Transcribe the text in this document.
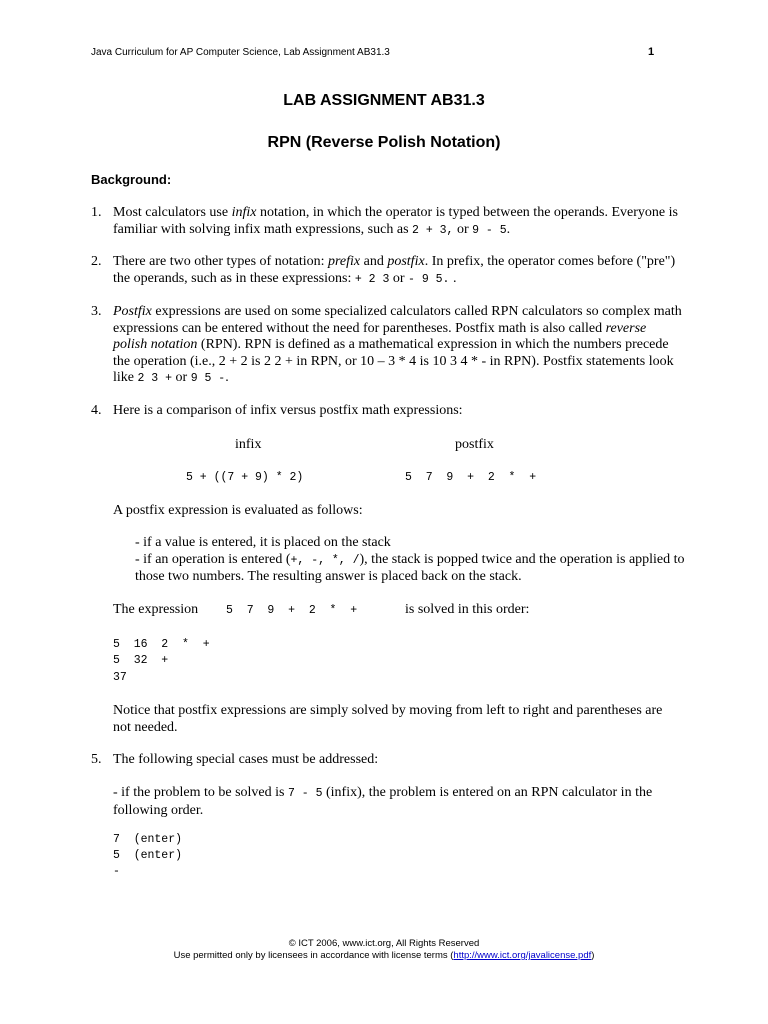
Java Curriculum for AP Computer Science, Lab Assignment AB31.3	1
LAB ASSIGNMENT AB31.3
RPN (Reverse Polish Notation)
Background:
1. Most calculators use infix notation, in which the operator is typed between the operands. Everyone is familiar with solving infix math expressions, such as 2 + 3, or 9 - 5.
2. There are two other types of notation: prefix and postfix. In prefix, the operator comes before ("pre") the operands, such as in these expressions: + 2 3 or - 9 5. .
3. Postfix expressions are used on some specialized calculators called RPN calculators so complex math expressions can be entered without the need for parentheses. Postfix math is also called reverse polish notation (RPN). RPN is defined as a mathematical expression in which the numbers precede the operation (i.e., 2 + 2 is 2 2 + in RPN, or 10 – 3 * 4 is 10 3 4 * - in RPN). Postfix statements look like 2 3 + or 9 5 -.
4. Here is a comparison of infix versus postfix math expressions:
infix	postfix
5 + ((7 + 9) * 2)	5  7  9  +  2  *  +
A postfix expression is evaluated as follows:
- if a value is entered, it is placed on the stack
- if an operation is entered (+, -, *, /), the stack is popped twice and the operation is applied to
those two numbers. The resulting answer is placed back on the stack.
The expression 5  7  9  +  2  *  +	is solved in this order:
5  16  2  *  +
5  32  +
37
Notice that postfix expressions are simply solved by moving from left to right and parentheses are not needed.
5. The following special cases must be addressed:
- if the problem to be solved is 7 - 5 (infix), the problem is entered on an RPN calculator in the following order.
7  (enter)
5  (enter)
-
© ICT 2006, www.ict.org, All Rights Reserved
Use permitted only by licensees in accordance with license terms (http://www.ict.org/javalicense.pdf)
